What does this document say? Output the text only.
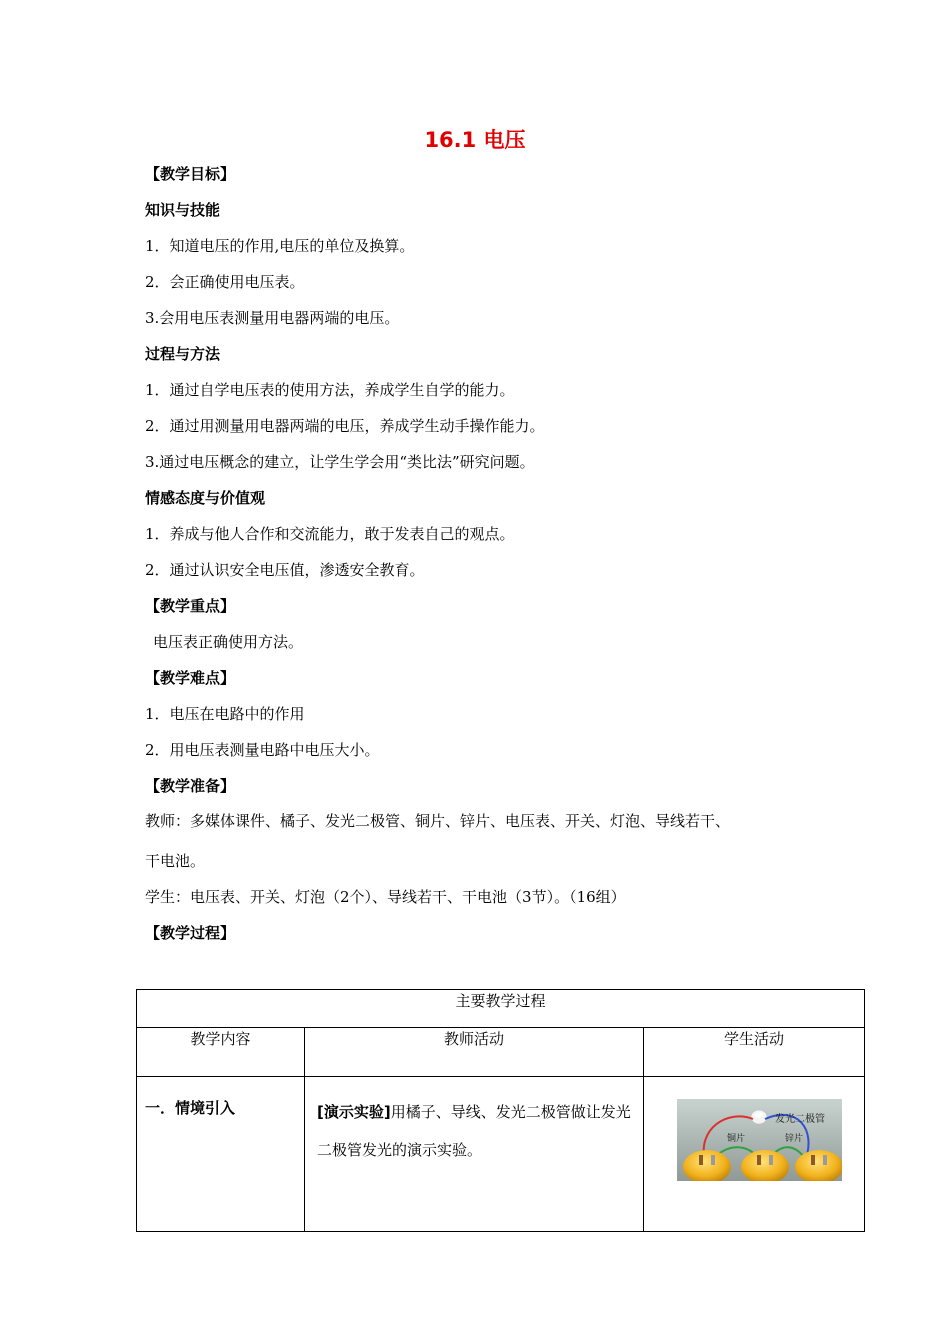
16.1 电压
【教学目标】
知识与技能
1．知道电压的作用,电压的单位及换算。
2．会正确使用电压表。
3.会用电压表测量用电器两端的电压。
过程与方法
1．通过自学电压表的使用方法，养成学生自学的能力。
2．通过用测量用电器两端的电压，养成学生动手操作能力。
3.通过电压概念的建立，让学生学会用“类比法”研究问题。
情感态度与价值观
1．养成与他人合作和交流能力，敢于发表自己的观点。
2．通过认识安全电压值，渗透安全教育。
【教学重点】
电压表正确使用方法。
【教学难点】
1．电压在电路中的作用
2．用电压表测量电路中电压大小。
【教学准备】
教师：多媒体课件、橘子、发光二极管、铜片、锌片、电压表、开关、灯泡、导线若干、
干电池。
学生：电压表、开关、灯泡（2个）、导线若干、干电池（3节）。（16组）
【教学过程】
主要教学过程		
教学内容	教师活动	学生活动
一．情境引入	[演示实验]用橘子、导线、发光二极管做让发光二极管发光的演示实验。	发光二极管
铜片 锌片
